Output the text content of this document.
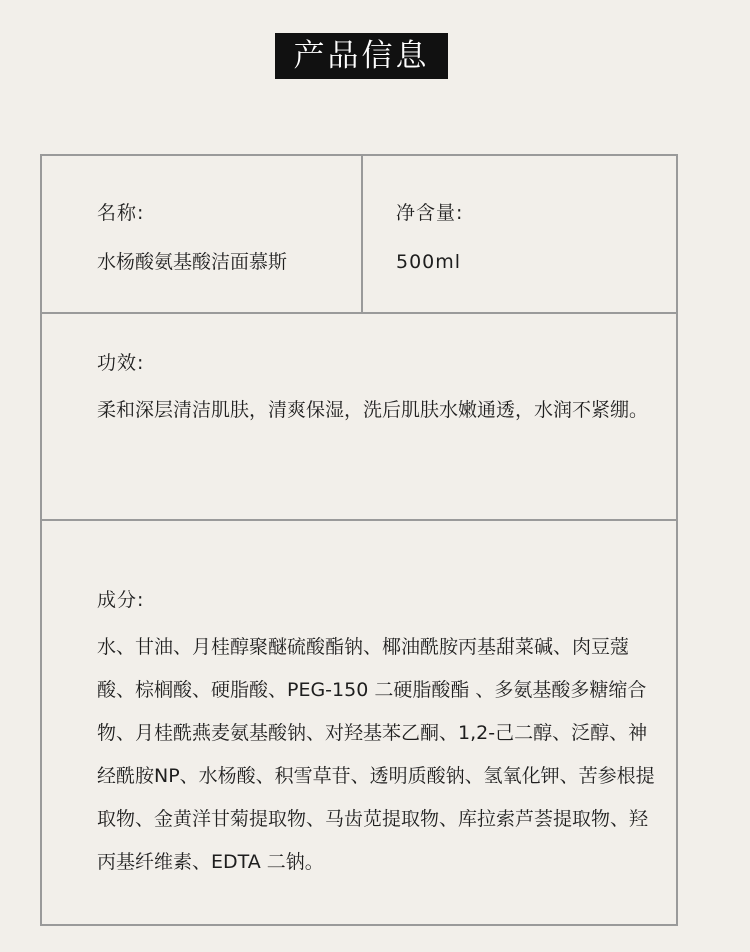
产品信息
名称:
水杨酸氨基酸洁面慕斯
净含量:
500ml
功效:
柔和深层清洁肌肤，清爽保湿，洗后肌肤水嫩通透，水润不紧绷。
成分:
水、甘油、月桂醇聚醚硫酸酯钠、椰油酰胺丙基甜菜碱、肉豆蔻酸、棕榈酸、硬脂酸、PEG-150 二硬脂酸酯 、多氨基酸多糖缩合物、月桂酰燕麦氨基酸钠、对羟基苯乙酮、1,2-己二醇、泛醇、神经酰胺NP、水杨酸、积雪草苷、透明质酸钠、氢氧化钾、苦参根提取物、金黄洋甘菊提取物、马齿苋提取物、库拉索芦荟提取物、羟丙基纤维素、EDTA 二钠。
